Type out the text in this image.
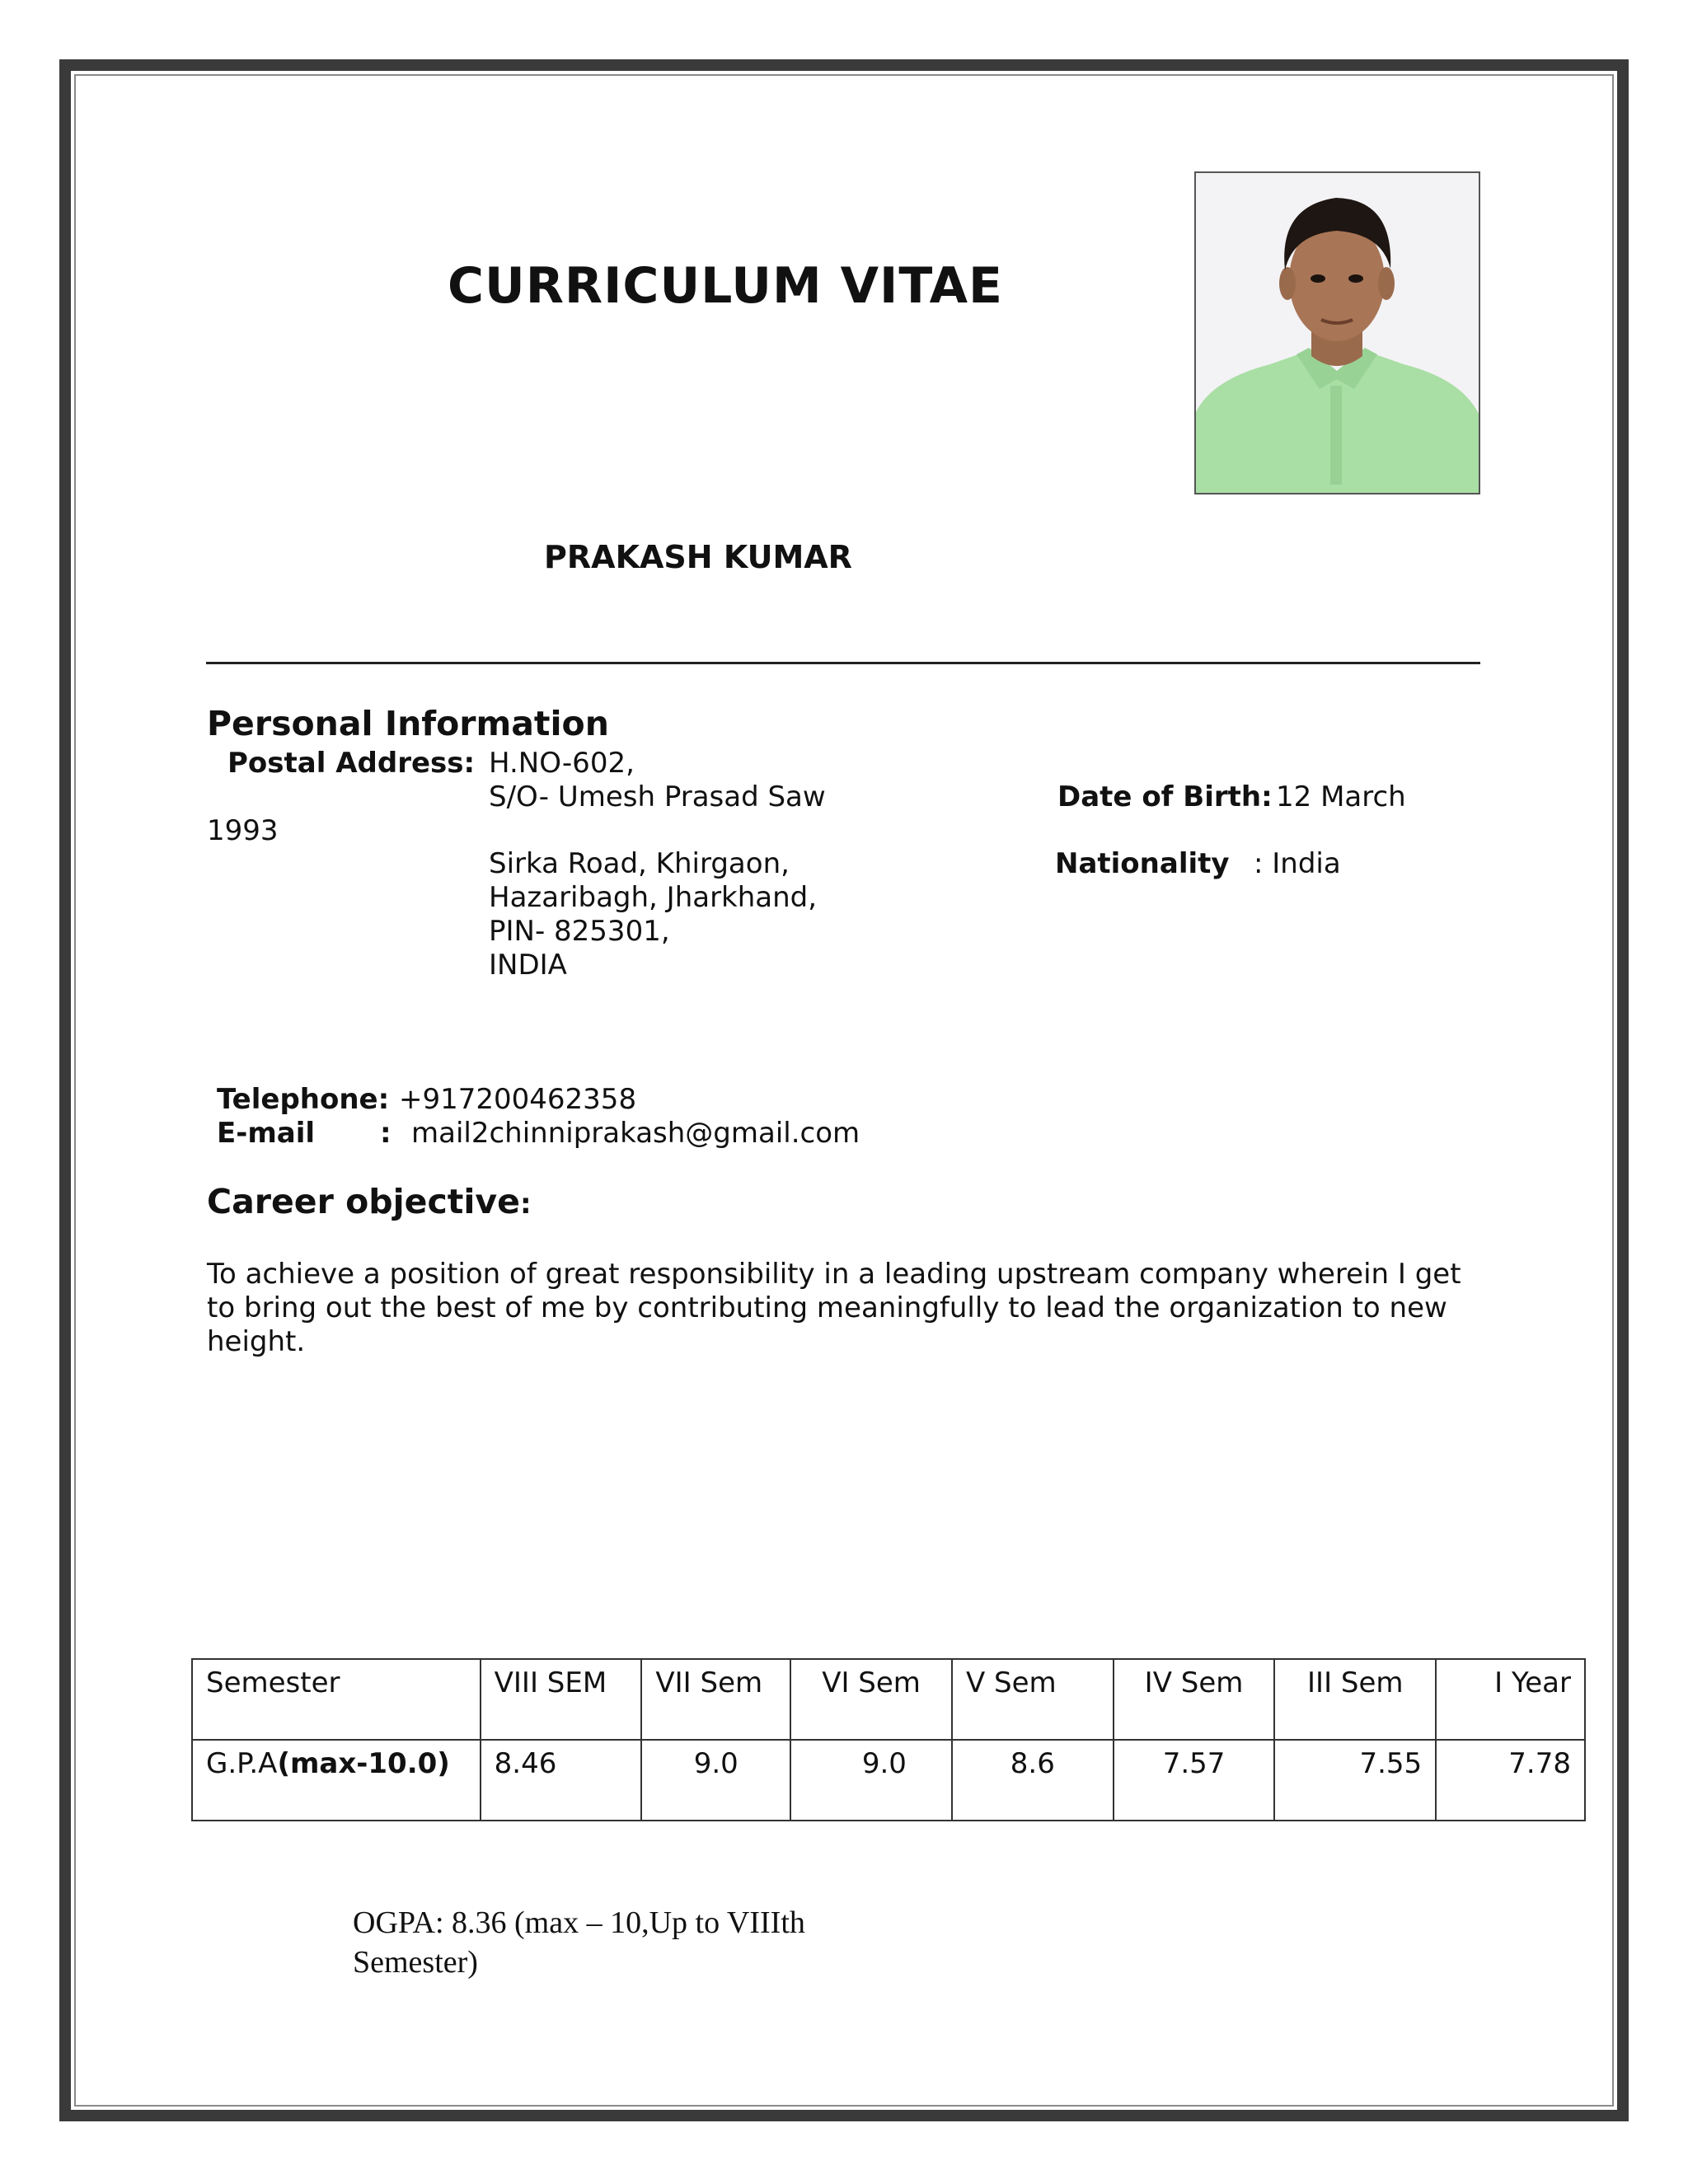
CURRICULUM VITAE
PRAKASH KUMAR
Personal Information
Postal Address: H.NO-602,
S/O- Umesh Prasad Saw
1993
Sirka Road, Khirgaon,
Hazaribagh, Jharkhand,
PIN- 825301,
INDIA
Date of Birth: 12 March
Nationality : India
Telephone: +917200462358
E-mail : mail2chinniprakash@gmail.com
Career objective:
To achieve a position of great responsibility in a leading upstream company wherein I get
to bring out the best of me by contributing meaningfully to lead the organization to new
height.
Semester	VIII SEM	VII Sem	VI Sem	V Sem	IV Sem	III Sem	I Year
G.P.A(max-10.0)	8.46	9.0	9.0	8.6	7.57	7.55	7.78
OGPA: 8.36 (max – 10,Up to VIIIth
Semester)
